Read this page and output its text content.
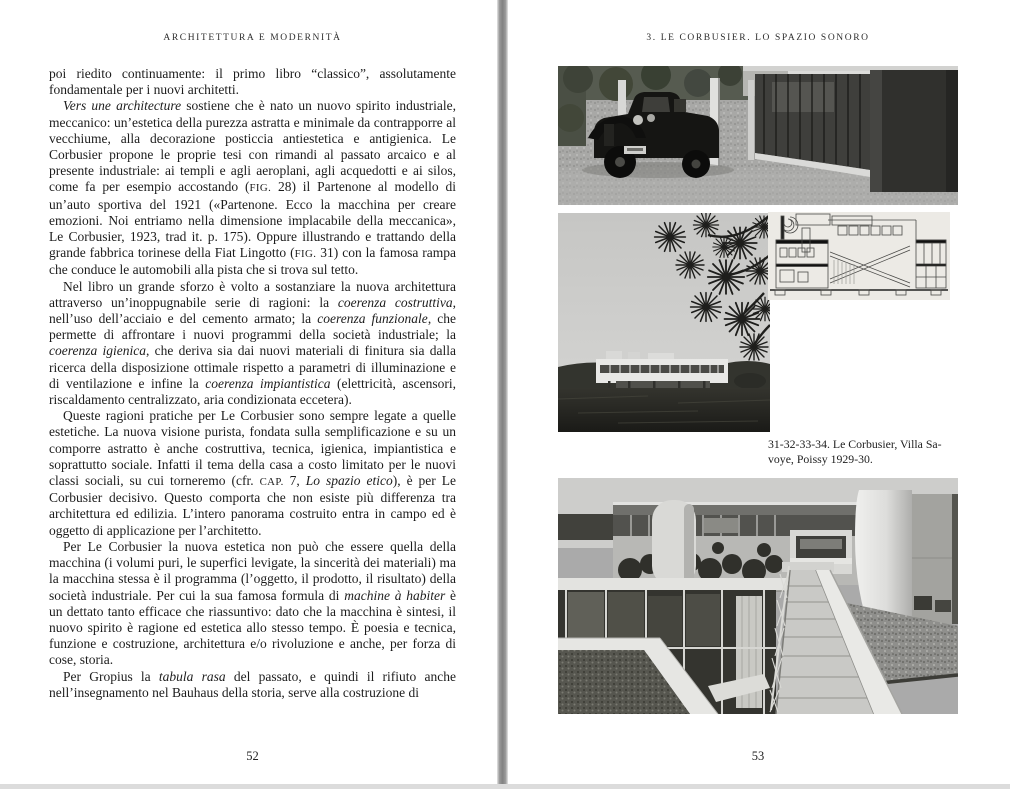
ARCHITETTURA E MODERNITÀ

poi riedito continuamente: il primo libro “classico”, assolutamente fondamentale per i nuovi architetti.

Vers une architecture sostiene che è nato un nuovo spirito industriale, meccanico: un’estetica della purezza astratta e minimale da contrapporre al vecchiume, alla decorazione posticcia antiestetica e antigienica. Le Corbusier propone le proprie tesi con rimandi al passato arcaico e al presente industriale: ai templi e agli aeroplani, agli acquedotti e ai silos, come fa per esempio accostando (FIG. 28) il Partenone al modello di un’auto sportiva del 1921 («Partenone. Ecco la macchina per creare emozioni. Noi entriamo nella dimensione implacabile della meccanica», Le Corbusier, 1923, trad it. p. 175). Oppure illustrando e trattando della grande fabbrica torinese della Fiat Lingotto (FIG. 31) con la famosa rampa che conduce le automobili alla pista che si trova sul tetto.

Nel libro un grande sforzo è volto a sostanziare la nuova architettura attraverso un’inoppugnabile serie di ragioni: la coerenza costruttiva, nell’uso dell’acciaio e del cemento armato; la coerenza funzionale, che permette di affrontare i nuovi programmi della società industriale; la coerenza igienica, che deriva sia dai nuovi materiali di finitura sia dalla ricerca della disposizione ottimale rispetto a parametri di illuminazione e di ventilazione e infine la coerenza impiantistica (elettricità, ascensori, riscaldamento centralizzato, aria condizionata eccetera).

Queste ragioni pratiche per Le Corbusier sono sempre legate a quelle estetiche. La nuova visione purista, fondata sulla semplificazione e su un comporre astratto è anche costruttiva, tecnica, igienica, impiantistica e soprattutto sociale. Infatti il tema della casa a costo limitato per le nuovi classi sociali, su cui torneremo (cfr. CAP. 7, Lo spazio etico), è per Le Corbusier decisivo. Questo comporta che non esiste più differenza tra architettura ed edilizia. L’intero panorama costruito entra in campo ed è oggetto di applicazione per l’architetto.

Per Le Corbusier la nuova estetica non può che essere quella della macchina (i volumi puri, le superfici levigate, la sincerità dei materiali) ma la macchina stessa è il programma (l’oggetto, il prodotto, il risultato) della società industriale. Per cui la sua famosa formula di machine à habiter è un dettato tanto efficace che riassuntivo: dato che la macchina è sintesi, il nuovo spirito è ragione ed estetica allo stesso tempo. È poesia e tecnica, funzione e costruzione, architettura e/o rivoluzione e anche, per forza di cose, storia.

Per Gropius la tabula rasa del passato, e quindi il rifiuto anche nell’insegnamento nel Bauhaus della storia, serve alla costruzione di

52
3. LE CORBUSIER. LO SPAZIO SONORO
31-32-33-34. Le Corbusier, Villa Sa-
voye, Poissy 1929-30.
53
